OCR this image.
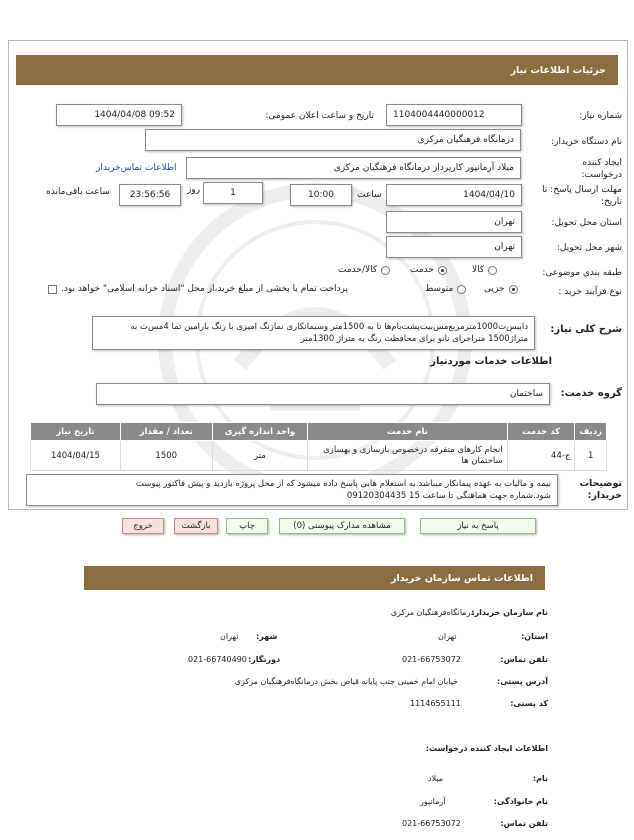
جزئیات اطلاعات نیاز
شماره نیاز:
1104004440000012
تاریخ و ساعت اعلان عمومی:
1404/04/08 09:52
نام دستگاه خریدار:
درمانگاه فرهنگیان مرکزی
ایجاد کننده درخواست:
میلاد آرمانپور کارپرداز درمانگاه فرهنگیان مرکزی
اطلاعات تماس‌خریدار
مهلت ارسال پاسخ: تا تاریخ:
1404/04/10
ساعت
10:00
1
روز
23:56:56
ساعت باقی‌مانده
استان محل تحویل:
تهران
شهر محل تحویل:
تهران
طبقه بندی موضوعی:
کالا
خدمت
کالا/خدمت
نوع فرآیند خرید :
جزیی
متوسط
پرداخت تمام یا بخشی از مبلغ خرید،از محل "اسناد خزانه اسلامی" خواهد بود.
شرح کلی نیاز:
دایبس‌ت1000مترمربع‌مس‌بیت‌پشت‌بام‌ها تا به 1500متر وسیمانکاری نمازنگ امیزی با رنگ بارامین تما 4مس‌ت به
متراژ1500 متراجرای نانو برای محافظت رنگ به متراژ 1300متر
اطلاعات خدمات موردنیاز
گروه خدمت:
ساختمان
ردیف	کد خدمت	نام خدمت	واحد اندازه گیری	تعداد / مقدار	تاریخ نیاز
1	ج-44	انجام کارهای متفرقه درخصوص بازسازی و بهسازی ساختمان ها	متر	1500	1404/04/15
توضیحات خریدار:
بیمه و مالیات به عهده پیمانکار میباشد.به استعلام هایی پاسخ داده میشود که از محل پروژه بازدید و پیش فاکتور پیوست
شود.شماره جهت هماهنگی تا ساعت 15 09120304435
پاسخ به نیاز
مشاهده مدارک پیوستی (0)
چاپ
بازگشت
خروج
اطلاعات تماس سازمان خریدار
نام سازمان خریدار:
درمانگاه‌فرهنگیان مرکزی
استان:
تهران
شهر:
تهران
تلفن تماس:
021-66753072
دورنگار:
021-66740490
آدرس پستی:
خیابان امام خمینی جنب پایانه قیاص بخش درمانگاه‌فرهنگیان مرکزی
کد پستی:
1114655111
اطلاعات ایجاد کننده درخواست:
نام:
میلاد
نام خانوادگی:
آرمانپور
تلفن تماس:
021-66753072
